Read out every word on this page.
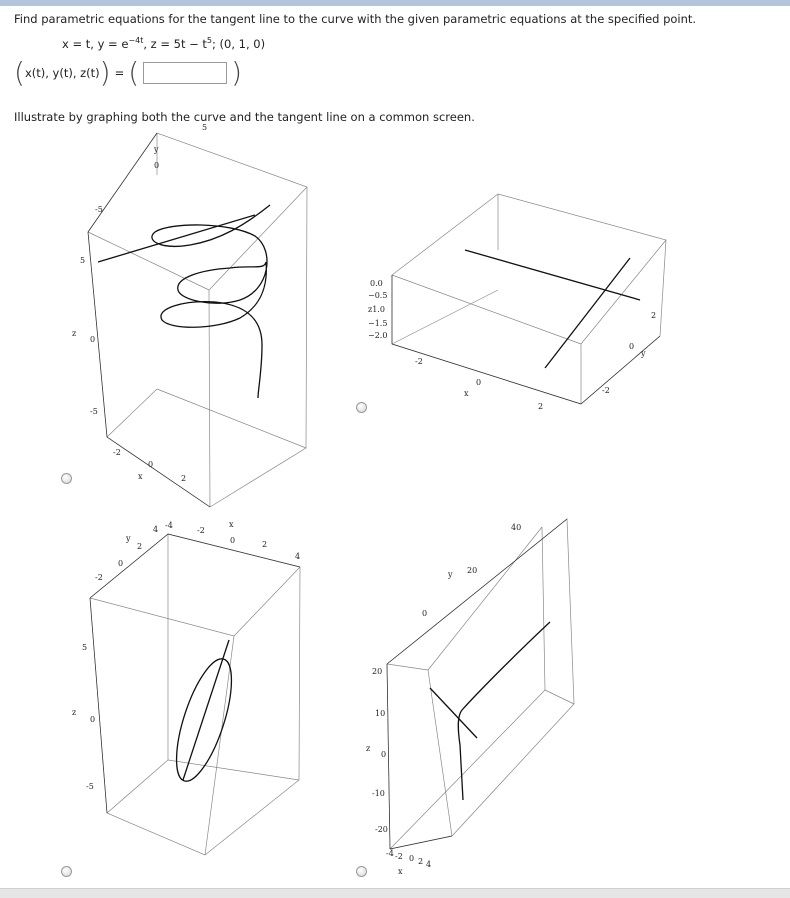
Find parametric equations for the tangent line to the curve with the given parametric equations at the specified point.
x = t, $y = e^{-4t}$, $z = 5t - t^5$; (0, 1, 0)
( x(t), y(t), z(t) ) = (	)
Illustrate by graphing both the curve and the tangent line on a common screen.
y
0
-5
5
5
z
0
-5
-2
0
x	2
0.0
−0.5
z1.0
−1.5
−2.0
-2
0
x
2
2
0
y
-2
y
4
2
0
-2
-4
-2
0	2
4
x
5
z
0
-5
40
y 20
0
20
10
z
0
-10
-20
-4 -2 0 2 4
x
